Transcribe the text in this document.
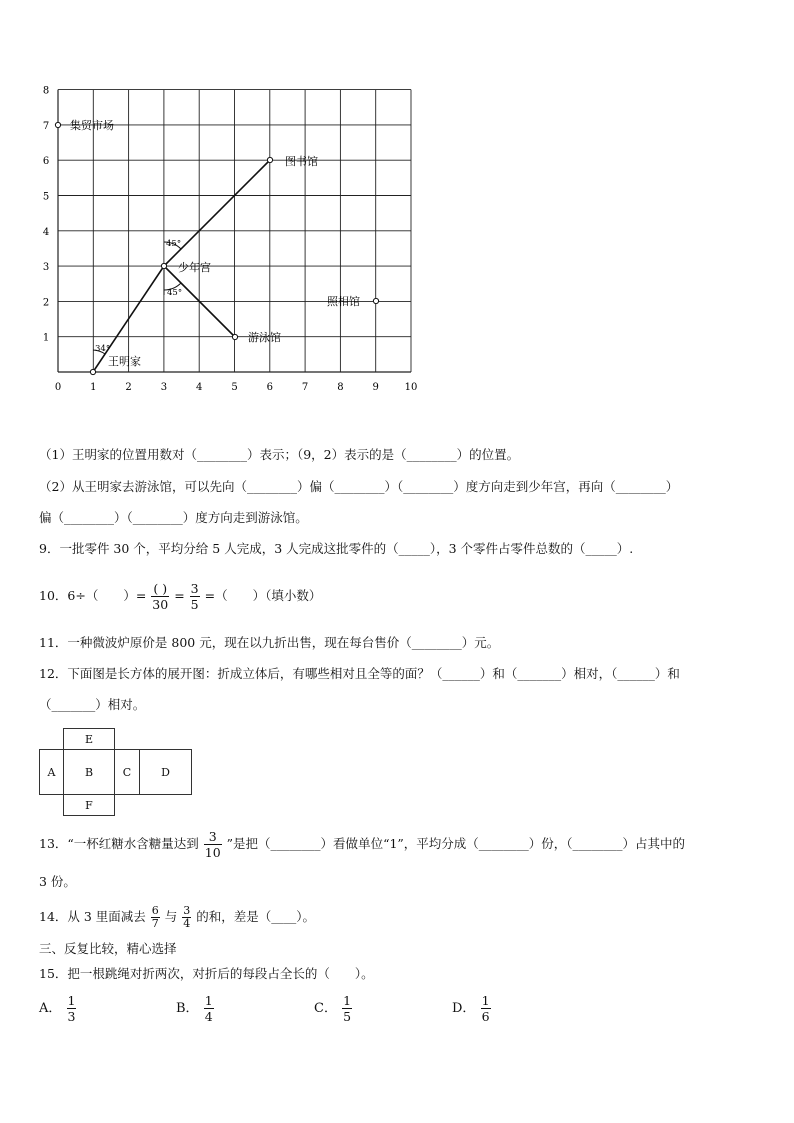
0	1	2	3	4	5	6	7	8	9	10
1
2
3
4
5
6
7
8
集贸市场
图书馆
少年宫
照相馆
游泳馆
王明家
34°
45°
45°
（1）王明家的位置用数对（________）表示；（9，2）表示的是（________）的位置。
（2）从王明家去游泳馆，可以先向（________）偏（________）（________）度方向走到少年宫，再向（________）
偏（________）（________）度方向走到游泳馆。
9．一批零件 30 个，平均分给 5 人完成，3 人完成这批零件的（_____），3 个零件占零件总数的（_____）.
10．6÷（　　）= $\frac{( )}{30} = \frac{3}{5}$ =（　　）（填小数）
11．一种微波炉原价是 800 元，现在以九折出售，现在每台售价（________）元。
12．下面图是长方体的展开图：折成立体后，有哪些相对且全等的面？（______）和（_______）相对，（______）和
（_______）相对。
E
A	B	C	D
F
13．“一杯红糖水含糖量达到 $\frac{3}{10}$ ”是把（________）看做单位“1”，平均分成（________）份，（________）占其中的
3 份。
14．从 3 里面减去 $\frac{6}{7}$ 与 $\frac{3}{4}$ 的和，差是（____）。
三、反复比较，精心选择
15．把一根跳绳对折两次，对折后的每段占全长的（　　）。
A． $\frac{1}{3}$	B． $\frac{1}{4}$	C． $\frac{1}{5}$	D． $\frac{1}{6}$
